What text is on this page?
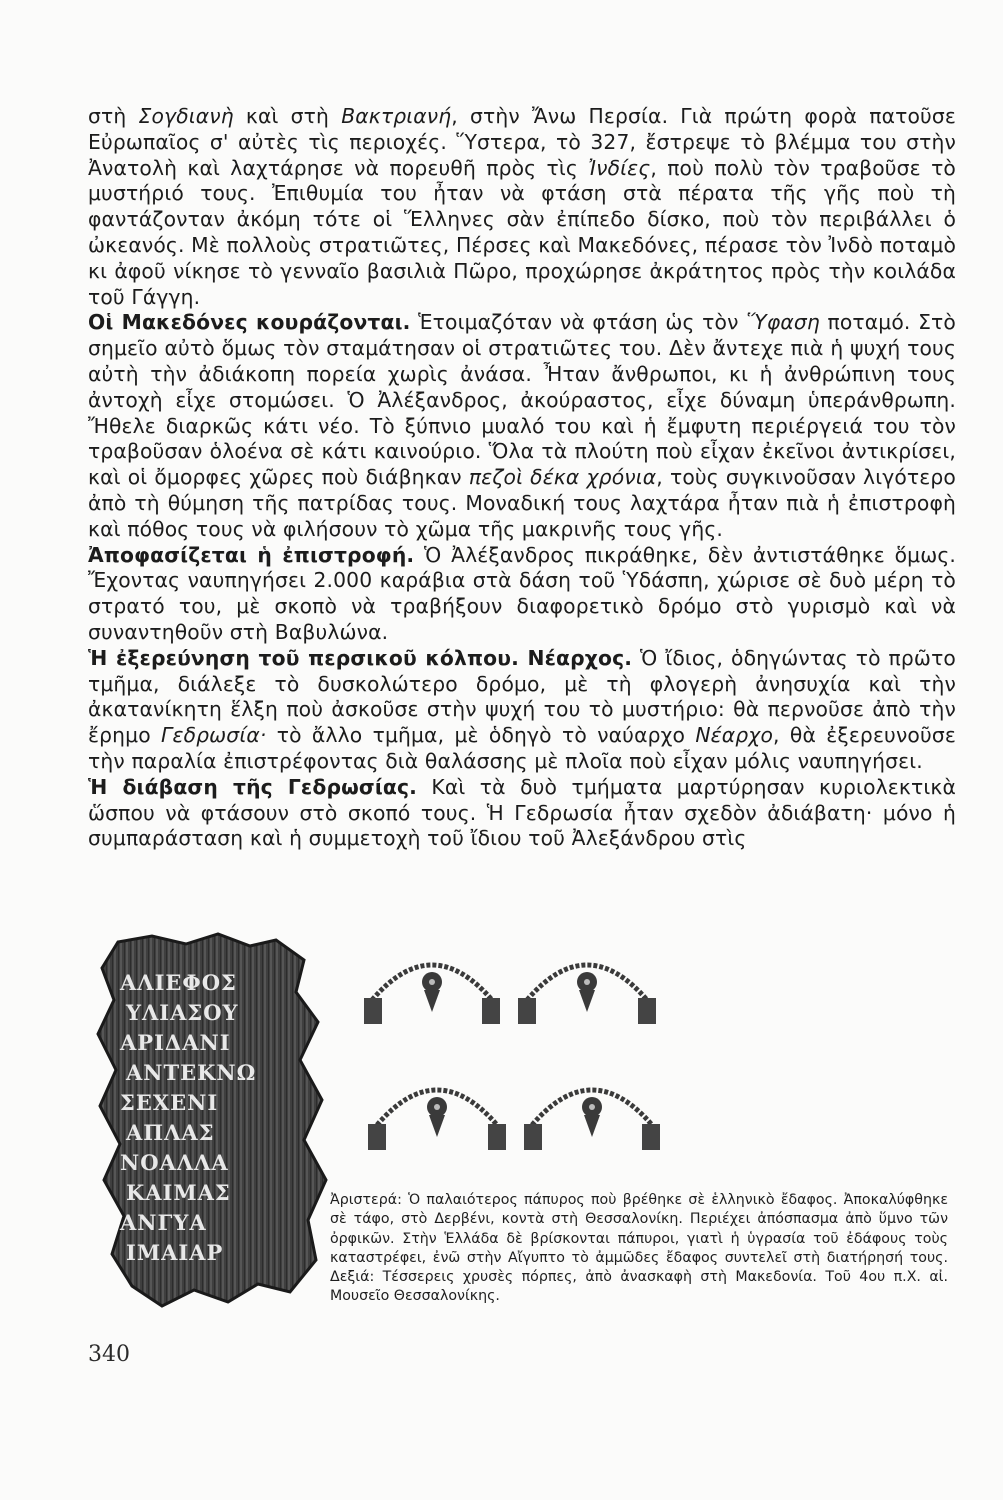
στὴ Σογδιανὴ καὶ στὴ Βακτριανή, στὴν Ἄνω Περσία. Γιὰ πρώτη φορὰ πατοῦσε Εὐρωπαῖος σ' αὐτὲς τὶς περιοχές. Ὕστερα, τὸ 327, ἔστρεψε τὸ βλέμμα του στὴν Ἀνατολὴ καὶ λαχτάρησε νὰ πορευθῆ πρὸς τὶς Ἰνδίες, ποὺ πολὺ τὸν τραβοῦσε τὸ μυστήριό τους. Ἐπιθυμία του ἦταν νὰ φτάση στὰ πέρατα τῆς γῆς ποὺ τὴ φαντάζονταν ἀκόμη τότε οἱ Ἕλληνες σὰν ἐπίπεδο δίσκο, ποὺ τὸν περιβάλλει ὁ ὠκεανός. Μὲ πολλοὺς στρατιῶτες, Πέρσες καὶ Μακεδόνες, πέρασε τὸν Ἰνδὸ ποταμὸ κι ἀφοῦ νίκησε τὸ γενναῖο βασιλιὰ Πῶρο, προχώρησε ἀκράτητος πρὸς τὴν κοιλάδα τοῦ Γάγγη.

Οἱ Μακεδόνες κουράζονται. Ἑτοιμαζόταν νὰ φτάση ὡς τὸν Ὕφαση ποταμό. Στὸ σημεῖο αὐτὸ ὅμως τὸν σταμάτησαν οἱ στρατιῶτες του. Δὲν ἄντεχε πιὰ ἡ ψυχή τους αὐτὴ τὴν ἀδιάκοπη πορεία χωρὶς ἀνάσα. Ἦταν ἄνθρωποι, κι ἡ ἀνθρώπινη τους ἀντοχὴ εἶχε στομώσει. Ὁ Ἀλέξανδρος, ἀκούραστος, εἶχε δύναμη ὑπεράνθρωπη. Ἤθελε διαρκῶς κάτι νέο. Τὸ ξύπνιο μυαλό του καὶ ἡ ἔμφυτη περιέργειά του τὸν τραβοῦσαν ὁλοένα σὲ κάτι καινούριο. Ὅλα τὰ πλούτη ποὺ εἶχαν ἐκεῖνοι ἀντικρίσει, καὶ οἱ ὄμορφες χῶρες ποὺ διάβηκαν πεζοὶ δέκα χρόνια, τοὺς συγκινοῦσαν λιγότερο ἀπὸ τὴ θύμηση τῆς πατρίδας τους. Μοναδική τους λαχτάρα ἦταν πιὰ ἡ ἐπιστροφὴ καὶ πόθος τους νὰ φιλήσουν τὸ χῶμα τῆς μακρινῆς τους γῆς.

Ἀποφασίζεται ἡ ἐπιστροφή. Ὁ Ἀλέξανδρος πικράθηκε, δὲν ἀντιστάθηκε ὅμως. Ἔχοντας ναυπηγήσει 2.000 καράβια στὰ δάση τοῦ Ὑδάσπη, χώρισε σὲ δυὸ μέρη τὸ στρατό του, μὲ σκοπὸ νὰ τραβήξουν διαφορετικὸ δρόμο στὸ γυρισμὸ καὶ νὰ συναντηθοῦν στὴ Βαβυλώνα.

Ἡ ἐξερεύνηση τοῦ περσικοῦ κόλπου. Νέαρχος. Ὁ ἴδιος, ὁδηγώντας τὸ πρῶτο τμῆμα, διάλεξε τὸ δυσκολώτερο δρόμο, μὲ τὴ φλογερὴ ἀνησυχία καὶ τὴν ἀκατανίκητη ἕλξη ποὺ ἀσκοῦσε στὴν ψυχή του τὸ μυστήριο: θὰ περνοῦσε ἀπὸ τὴν ἔρημο Γεδρωσία· τὸ ἄλλο τμῆμα, μὲ ὁδηγὸ τὸ ναύαρχο Νέαρχο, θὰ ἐξερευνοῦσε τὴν παραλία ἐπιστρέφοντας διὰ θαλάσσης μὲ πλοῖα ποὺ εἶχαν μόλις ναυπηγήσει.

Ἡ διάβαση τῆς Γεδρωσίας. Καὶ τὰ δυὸ τμήματα μαρτύρησαν κυριολεκτικὰ ὥσπου νὰ φτάσουν στὸ σκοπό τους. Ἡ Γεδρωσία ἦταν σχεδὸν ἀδιάβατη· μόνο ἡ συμπαράσταση καὶ ἡ συμμετοχὴ τοῦ ἴδιου τοῦ Ἀλεξάνδρου στὶς

ΑΛΙΕΦΟΣ
ΥΛΙΑΣΟΥ
ΑΡΙΔΑΝΙ
ΑΝΤΕΚΝΩ
ΣΕΧΕΝΙ
ΑΠΛΑΣ
ΝΟΑΛΛΑ
ΚΑΙΜΑΣ
ΑΝΓΥΑ
ΙΜΑΙΑΡ

Ἀριστερά: Ὁ παλαιότερος πάπυρος ποὺ βρέθηκε σὲ ἑλληνικὸ ἔδαφος. Ἀποκαλύφθηκε σὲ τάφο, στὸ Δερβένι, κοντὰ στὴ Θεσσαλονίκη. Περιέχει ἀπόσπασμα ἀπὸ ὕμνο τῶν ὀρφικῶν. Στὴν Ἑλλάδα δὲ βρίσκονται πάπυροι, γιατὶ ἡ ὑγρασία τοῦ ἐδάφους τοὺς καταστρέφει, ἐνῶ στὴν Αἴγυπτο τὸ ἀμμῶδες ἔδαφος συντελεῖ στὴ διατήρησή τους. Δεξιά: Τέσσερεις χρυσὲς πόρπες, ἀπὸ ἀνασκαφὴ στὴ Μακεδονία. Τοῦ 4ου π.Χ. αἰ. Μουσεῖο Θεσσαλονίκης.

340
